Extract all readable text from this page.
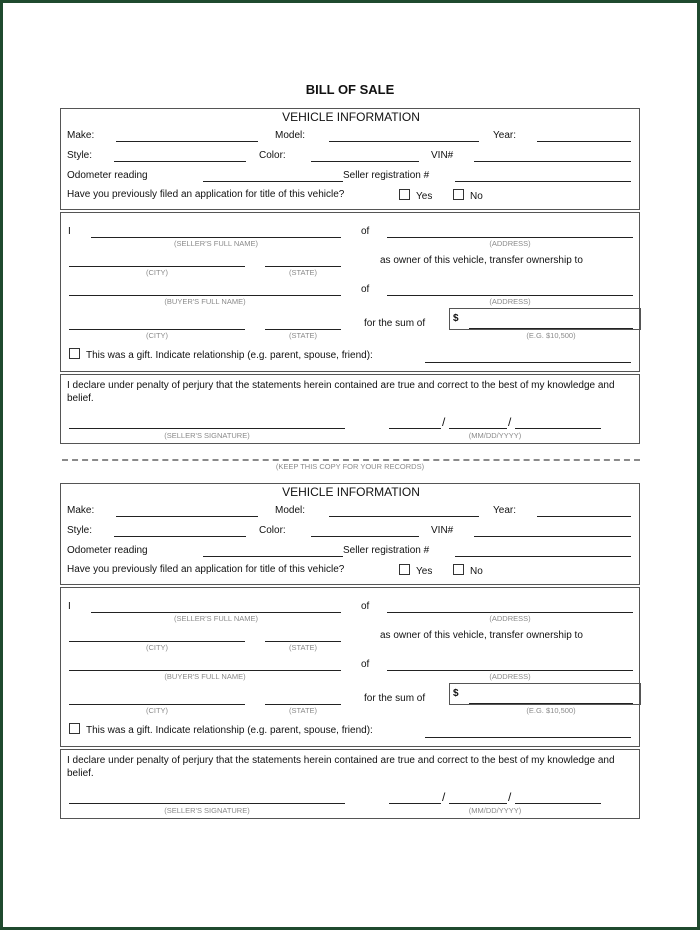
BILL OF SALE
VEHICLE INFORMATION
Make:	Model:	Year:
Style:	Color:	VIN#
Odometer reading	Seller registration #
Have you previously filed an application for title of this vehicle?	Yes	No
I
(SELLER'S FULL NAME)
of
(ADDRESS)
(CITY)	(STATE)
as owner of this vehicle, transfer ownership to
(BUYER'S FULL NAME)
of
(ADDRESS)
(CITY)	(STATE)
for the sum of	$
(E.G. $10,500)
This was a gift. Indicate relationship (e.g. parent, spouse, friend):
I declare under penalty of perjury that the statements herein contained are true and correct to the best of my knowledge and belief.
(SELLER'S SIGNATURE)
/	/
(MM/DD/YYYY)
(KEEP THIS COPY FOR YOUR RECORDS)
VEHICLE INFORMATION
Make:	Model:	Year:
Style:	Color:	VIN#
Odometer reading	Seller registration #
Have you previously filed an application for title of this vehicle?	Yes	No
I
(SELLER'S FULL NAME)
of
(ADDRESS)
(CITY)	(STATE)
as owner of this vehicle, transfer ownership to
(BUYER'S FULL NAME)
of
(ADDRESS)
(CITY)	(STATE)
for the sum of	$
(E.G. $10,500)
This was a gift. Indicate relationship (e.g. parent, spouse, friend):
I declare under penalty of perjury that the statements herein contained are true and correct to the best of my knowledge and belief.
(SELLER'S SIGNATURE)
/	/
(MM/DD/YYYY)
